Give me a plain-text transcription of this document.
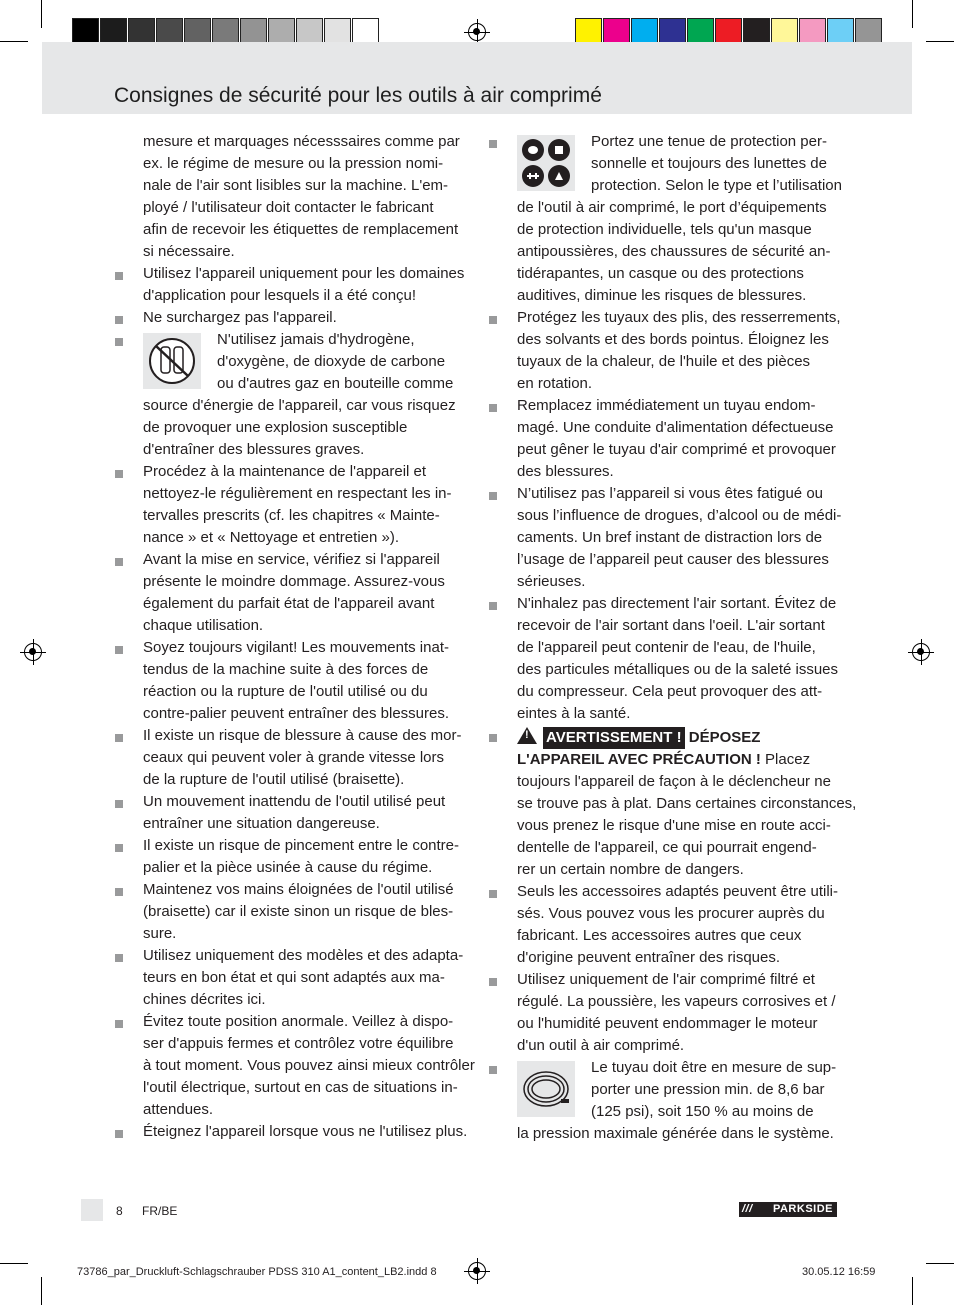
Consignes de sécurité pour les outils à air comprimé
mesure et marquages nécesssaires comme par
ex. le régime de mesure ou la pression nomi-
nale de l'air sont lisibles sur la machine. L'em-
ployé / l'utilisateur doit contacter le fabricant
afin de recevoir les étiquettes de remplacement
si nécessaire.
Utilisez l'appareil uniquement pour les domaines
d'application pour lesquels il a été conçu!
Ne surchargez pas l'appareil.
N'utilisez jamais d'hydrogène,
d'oxygène, de dioxyde de carbone
ou d'autres gaz en bouteille comme
source d'énergie de l'appareil, car vous risquez
de provoquer une explosion susceptible
d'entraîner des blessures graves.
Procédez à la maintenance de l'appareil et
nettoyez-le régulièrement en respectant les in-
tervalles prescrits (cf. les chapitres « Mainte-
nance » et « Nettoyage et entretien »).
Avant la mise en service, vérifiez si l'appareil
présente le moindre dommage. Assurez-vous
également du parfait état de l'appareil avant
chaque utilisation.
Soyez toujours vigilant! Les mouvements inat-
tendus de la machine suite à des forces de
réaction ou la rupture de l'outil utilisé ou du
contre-palier peuvent entraîner des blessures.
Il existe un risque de blessure à cause des mor-
ceaux qui peuvent voler à grande vitesse lors
de la rupture de l'outil utilisé (braisette).
Un mouvement inattendu de l'outil utilisé peut
entraîner une situation dangereuse.
Il existe un risque de pincement entre le contre-
palier et la pièce usinée à cause du régime.
Maintenez vos mains éloignées de l'outil utilisé
(braisette) car il existe sinon un risque de bles-
sure.
Utilisez uniquement des modèles et des adapta-
teurs en bon état et qui sont adaptés aux ma-
chines décrites ici.
Évitez toute position anormale. Veillez à dispo-
ser d'appuis fermes et contrôlez votre équilibre
à tout moment. Vous pouvez ainsi mieux contrôler
l'outil électrique, surtout en cas de situations in-
attendues.
Éteignez l'appareil lorsque vous ne l'utilisez plus.
Portez une tenue de protection per-
sonnelle et toujours des lunettes de
protection. Selon le type et l’utilisation
de l'outil à air comprimé, le port d’équipements
de protection individuelle, tels qu'un masque
antipoussières, des chaussures de sécurité an-
tidérapantes, un casque ou des protections
auditives, diminue les risques de blessures.
Protégez les tuyaux des plis, des resserrements,
des solvants et des bords pointus. Éloignez les
tuyaux de la chaleur, de l'huile et des pièces
en rotation.
Remplacez immédiatement un tuyau endom-
magé. Une conduite d'alimentation défectueuse
peut gêner le tuyau d'air comprimé et provoquer
des blessures.
N’utilisez pas l’appareil si vous êtes fatigué ou
sous l’influence de drogues, d’alcool ou de médi-
caments. Un bref instant de distraction lors de
l’usage de l’appareil peut causer des blessures
sérieuses.
N'inhalez pas directement l'air sortant. Évitez de
recevoir de l'air sortant dans l'oeil. L'air sortant
de l'appareil peut contenir de l'eau, de l'huile,
des particules métalliques ou de la saleté issues
du compresseur. Cela peut provoquer des att-
eintes à la santé.
! AVERTISSEMENT ! DÉPOSEZ
L'APPAREIL AVEC PRÉCAUTION ! Placez
toujours l'appareil de façon à le déclencheur ne
se trouve pas à plat. Dans certaines circonstances,
vous prenez le risque d'une mise en route acci-
dentelle de l'appareil, ce qui pourrait engend-
rer un certain nombre de dangers.
Seuls les accessoires adaptés peuvent être utili-
sés. Vous pouvez vous les procurer auprès du
fabricant. Les accessoires autres que ceux
d'origine peuvent entraîner des risques.
Utilisez uniquement de l'air comprimé filtré et
régulé. La poussière, les vapeurs corrosives et /
ou l'humidité peuvent endommager le moteur
d'un outil à air comprimé.
Le tuyau doit être en mesure de sup-
porter une pression min. de 8,6 bar
(125 psi), soit 150 % au moins de
la pression maximale générée dans le système.
8 FR/BE	/// PARKSIDE
73786_par_Druckluft-Schlagschrauber PDSS 310 A1_content_LB2.indd 8	30.05.12 16:59
